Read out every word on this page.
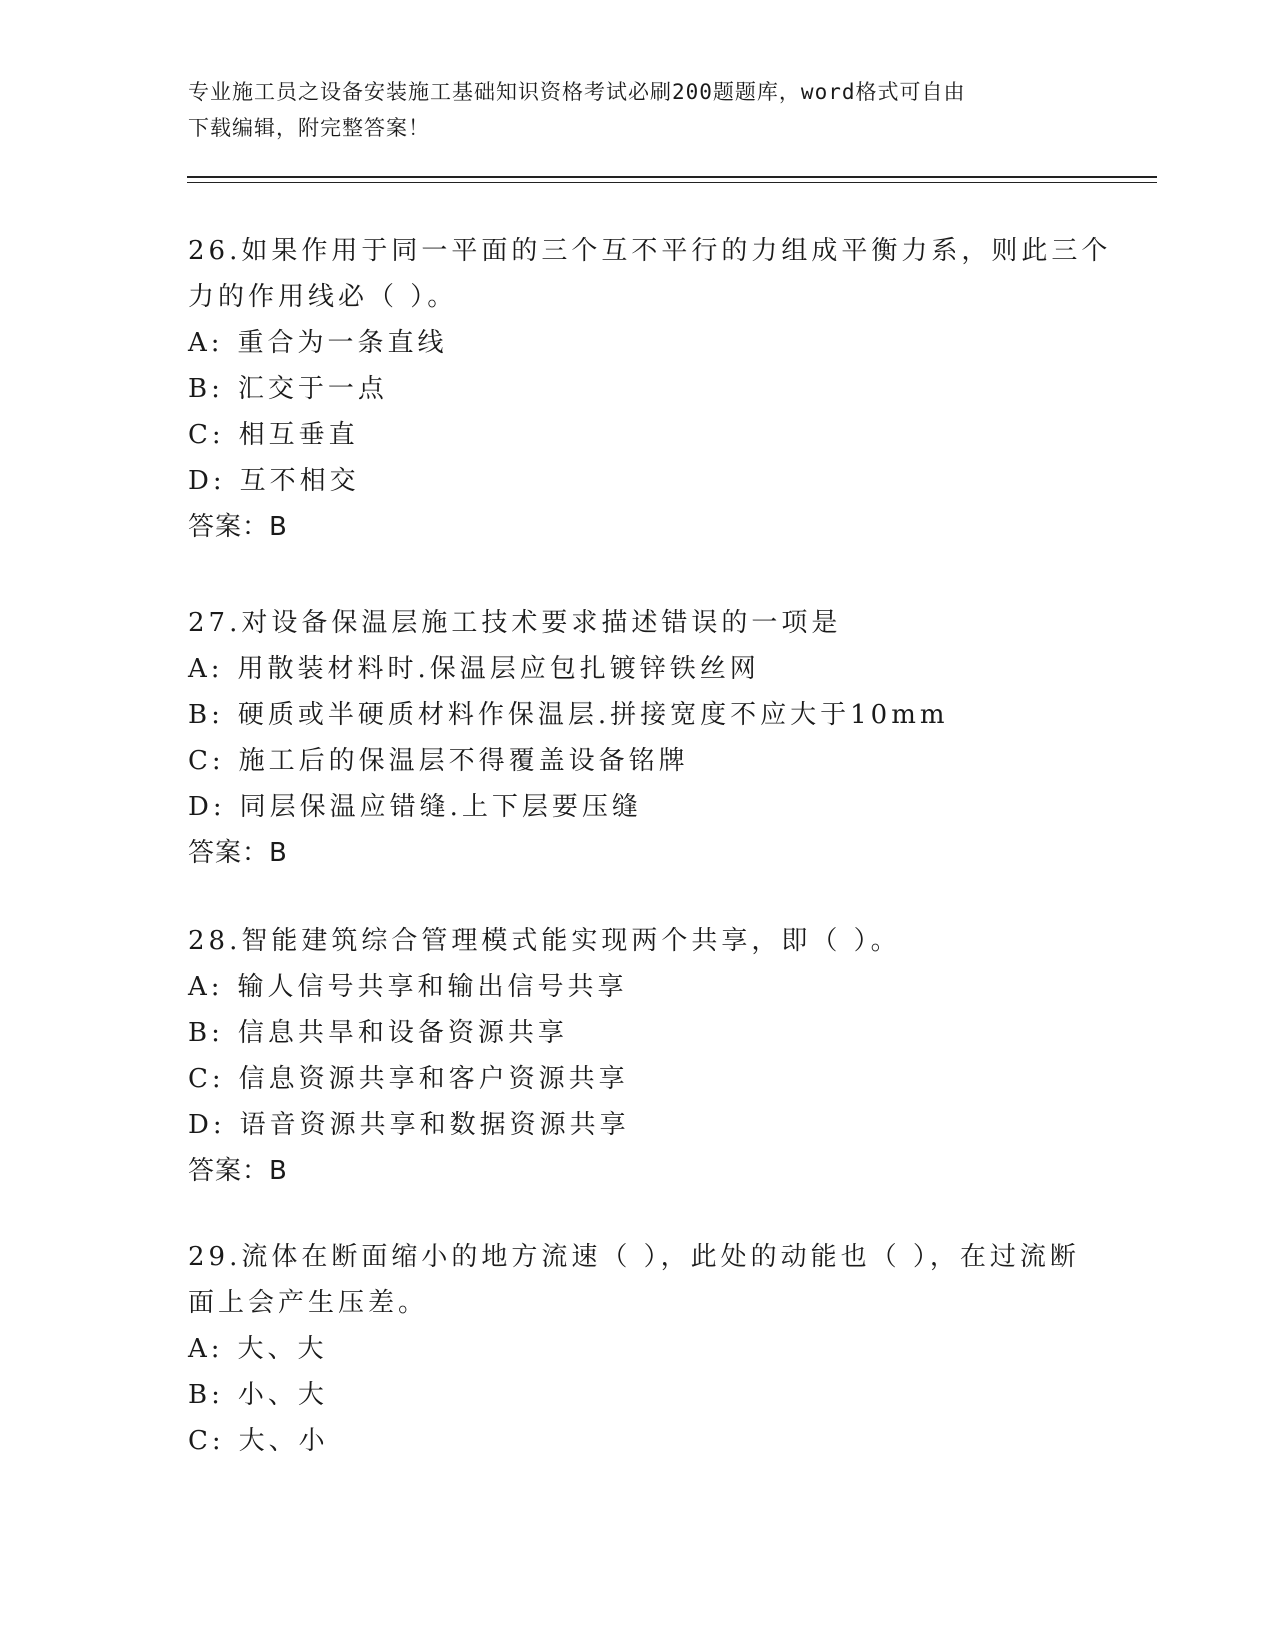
专业施工员之设备安装施工基础知识资格考试必刷200题题库，word格式可自由
下载编辑，附完整答案！
26.如果作用于同一平面的三个互不平行的力组成平衡力系，则此三个
力的作用线必（ ）。
A: 重合为一条直线
B: 汇交于一点
C: 相互垂直
D: 互不相交
答案：B
27.对设备保温层施工技术要求描述错误的一项是
A: 用散装材料时.保温层应包扎镀锌铁丝网
B: 硬质或半硬质材料作保温层.拼接宽度不应大于10mm
C: 施工后的保温层不得覆盖设备铭牌
D: 同层保温应错缝.上下层要压缝
答案：B
28.智能建筑综合管理模式能实现两个共享，即（ ）。
A: 输人信号共享和输出信号共享
B: 信息共旱和设备资源共享
C: 信息资源共享和客户资源共享
D: 语音资源共享和数据资源共享
答案：B
29.流体在断面缩小的地方流速（ ），此处的动能也（ ），在过流断
面上会产生压差。
A: 大、大
B: 小、大
C: 大、小
